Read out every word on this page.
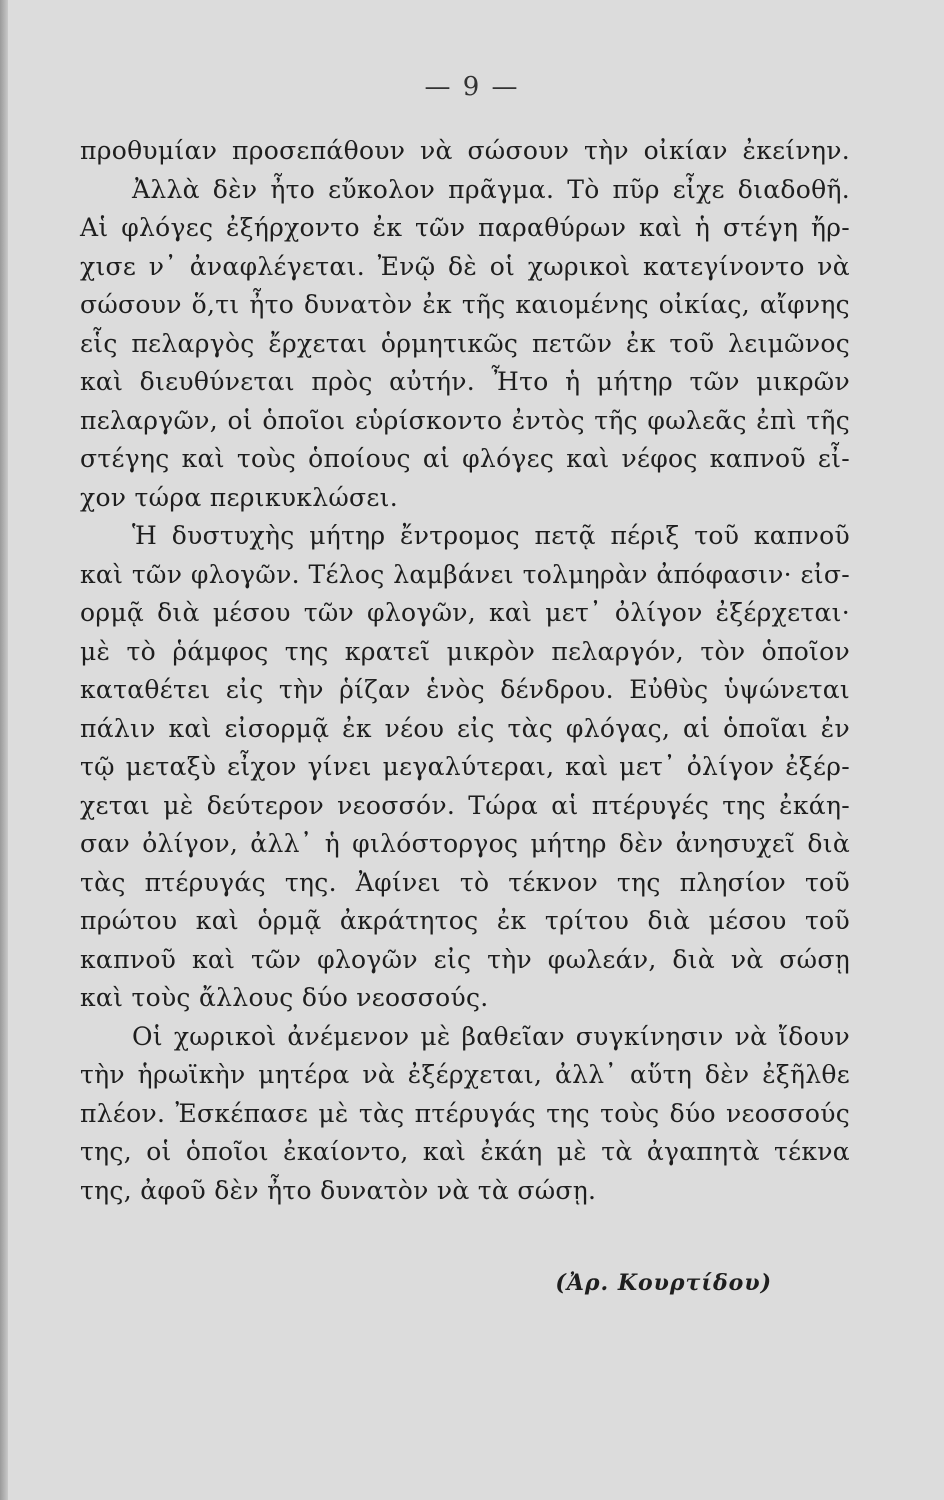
— 9 —
προθυμίαν προσεπάθουν νὰ σώσουν τὴν οἰκίαν ἐκείνην.
Ἀλλὰ δὲν ἦτο εὔκολον πρᾶγμα. Τὸ πῦρ εἶχε διαδοθῆ.
Αἱ φλόγες ἐξήρχοντο ἐκ τῶν παραθύρων καὶ ἡ στέγη ἤρ-
χισε ν᾽ ἀναφλέγεται. Ἐνῷ δὲ οἱ χωρικοὶ κατεγίνοντο νὰ
σώσουν ὅ,τι ἦτο δυνατὸν ἐκ τῆς καιομένης οἰκίας, αἴφνης
εἷς πελαργὸς ἔρχεται ὁρμητικῶς πετῶν ἐκ τοῦ λειμῶνος
καὶ διευθύνεται πρὸς αὐτήν. Ἦτο ἡ μήτηρ τῶν μικρῶν
πελαργῶν, οἱ ὁποῖοι εὑρίσκοντο ἐντὸς τῆς φωλεᾶς ἐπὶ τῆς
στέγης καὶ τοὺς ὁποίους αἱ φλόγες καὶ νέφος καπνοῦ εἶ-
χον τώρα περικυκλώσει.
Ἡ δυστυχὴς μήτηρ ἔντρομος πετᾷ πέριξ τοῦ καπνοῦ
καὶ τῶν φλογῶν. Τέλος λαμβάνει τολμηρὰν ἀπόφασιν· εἰσ-
ορμᾷ διὰ μέσου τῶν φλογῶν, καὶ μετ᾽ ὀλίγον ἐξέρχεται·
μὲ τὸ ῥάμφος της κρατεῖ μικρὸν πελαργόν, τὸν ὁποῖον
καταθέτει εἰς τὴν ῥίζαν ἑνὸς δένδρου. Εὐθὺς ὑψώνεται
πάλιν καὶ εἰσορμᾷ ἐκ νέου εἰς τὰς φλόγας, αἱ ὁποῖαι ἐν
τῷ μεταξὺ εἶχον γίνει μεγαλύτεραι, καὶ μετ᾽ ὀλίγον ἐξέρ-
χεται μὲ δεύτερον νεοσσόν. Τώρα αἱ πτέρυγές της ἐκάη-
σαν ὀλίγον, ἀλλ᾽ ἡ φιλόστοργος μήτηρ δὲν ἀνησυχεῖ διὰ
τὰς πτέρυγάς της. Ἀφίνει τὸ τέκνον της πλησίον τοῦ
πρώτου καὶ ὁρμᾷ ἀκράτητος ἐκ τρίτου διὰ μέσου τοῦ
καπνοῦ καὶ τῶν φλογῶν εἰς τὴν φωλεάν, διὰ νὰ σώσῃ
καὶ τοὺς ἄλλους δύο νεοσσούς.
Οἱ χωρικοὶ ἀνέμενον μὲ βαθεῖαν συγκίνησιν νὰ ἴδουν
τὴν ἡρωϊκὴν μητέρα νὰ ἐξέρχεται, ἀλλ᾽ αὕτη δὲν ἐξῆλθε
πλέον. Ἐσκέπασε μὲ τὰς πτέρυγάς της τοὺς δύο νεοσσούς
της, οἱ ὁποῖοι ἐκαίοντο, καὶ ἐκάη μὲ τὰ ἀγαπητὰ τέκνα
της, ἀφοῦ δὲν ἦτο δυνατὸν νὰ τὰ σώσῃ.
(Ἀρ. Κουρτίδου)
